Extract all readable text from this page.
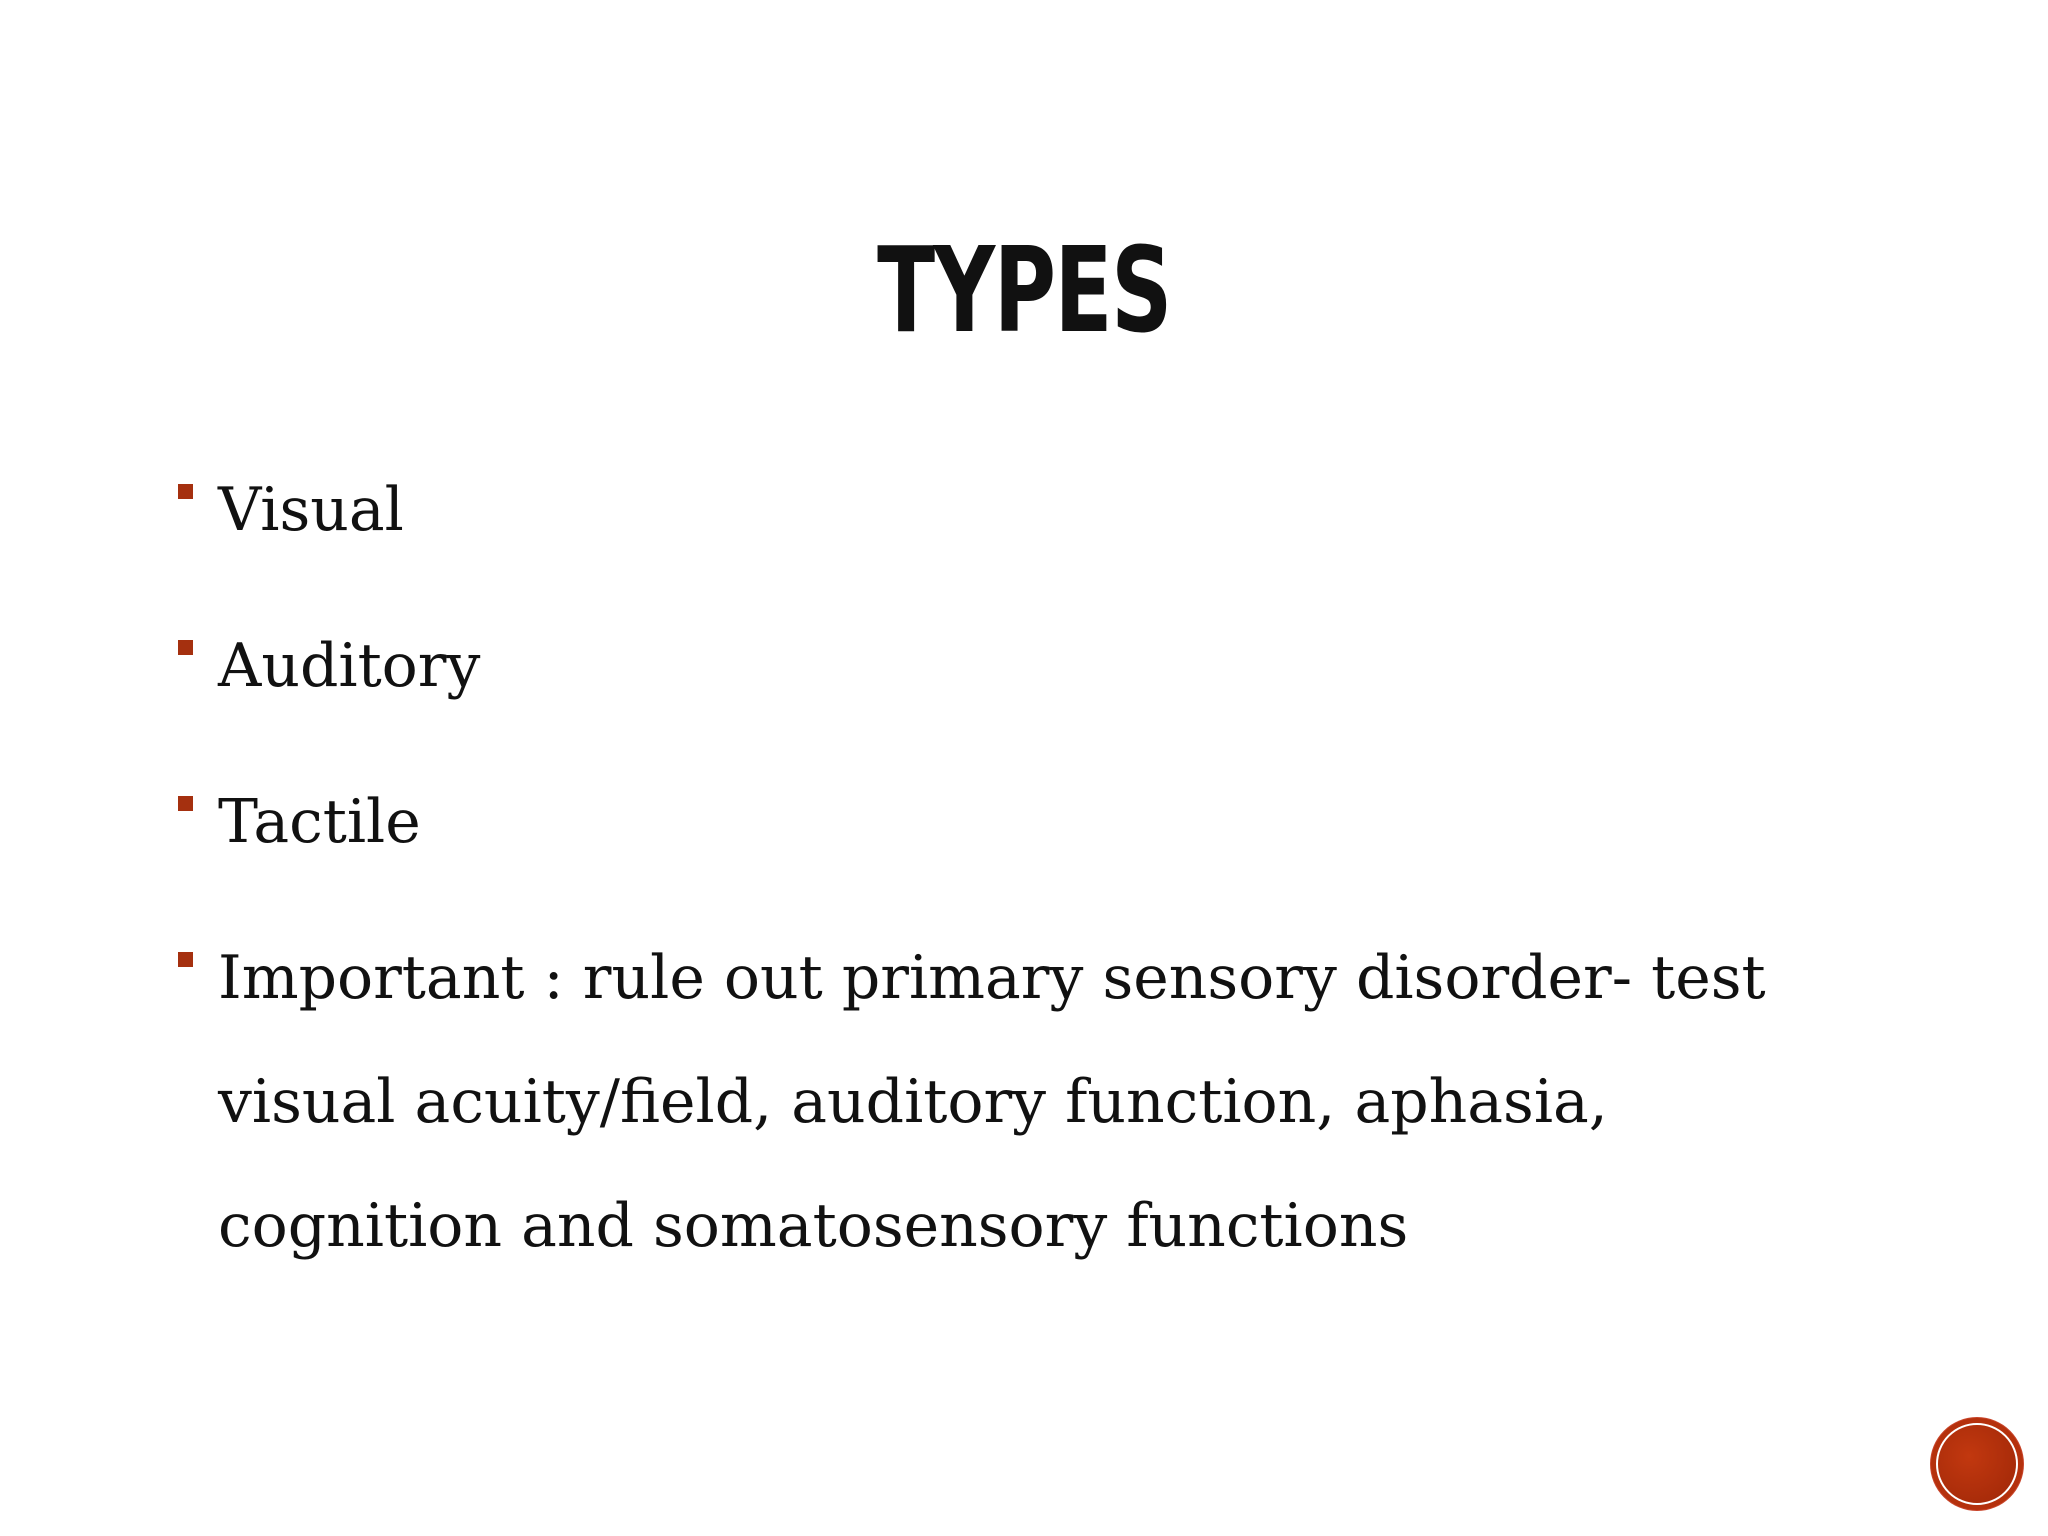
TYPES
Visual
Auditory
Tactile
Important : rule out primary sensory disorder- test visual acuity/field, auditory function, aphasia, cognition and somatosensory functions
